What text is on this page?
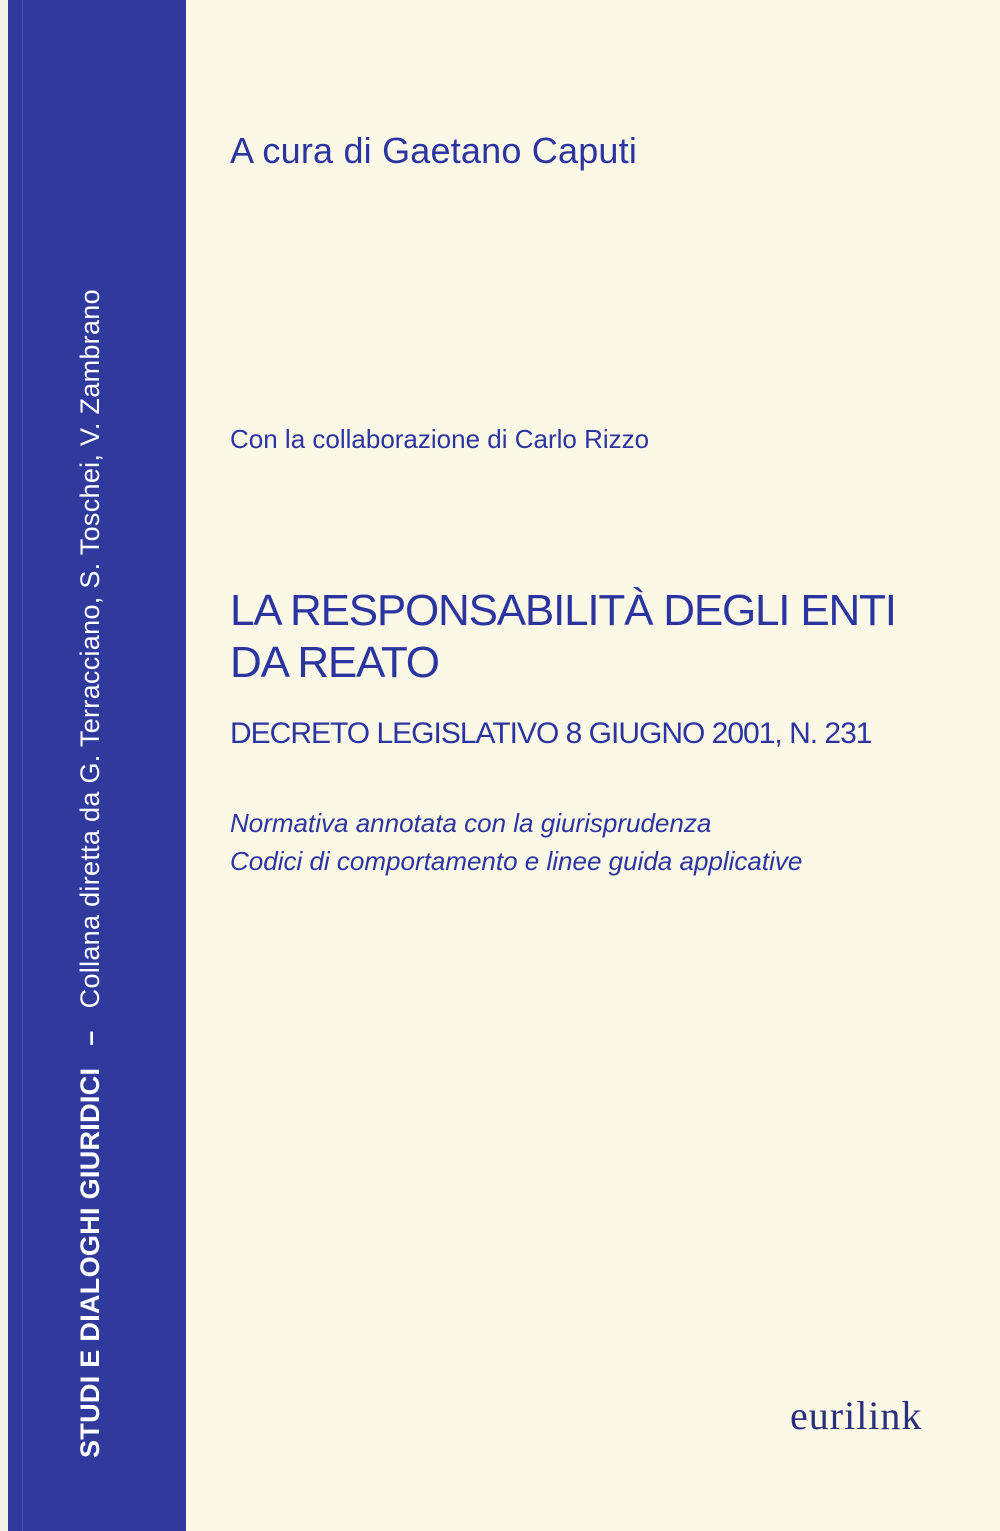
STUDI E DIALOGHI GIURIDICI–Collana diretta da G. Terracciano, S. Toschei, V. Zambrano
A cura di Gaetano Caputi
Con la collaborazione di Carlo Rizzo
LA RESPONSABILITÀ DEGLI ENTI
DA REATO
DECRETO LEGISLATIVO 8 GIUGNO 2001, N. 231
Normativa annotata con la giurisprudenza
Codici di comportamento e linee guida applicative
eurilink
